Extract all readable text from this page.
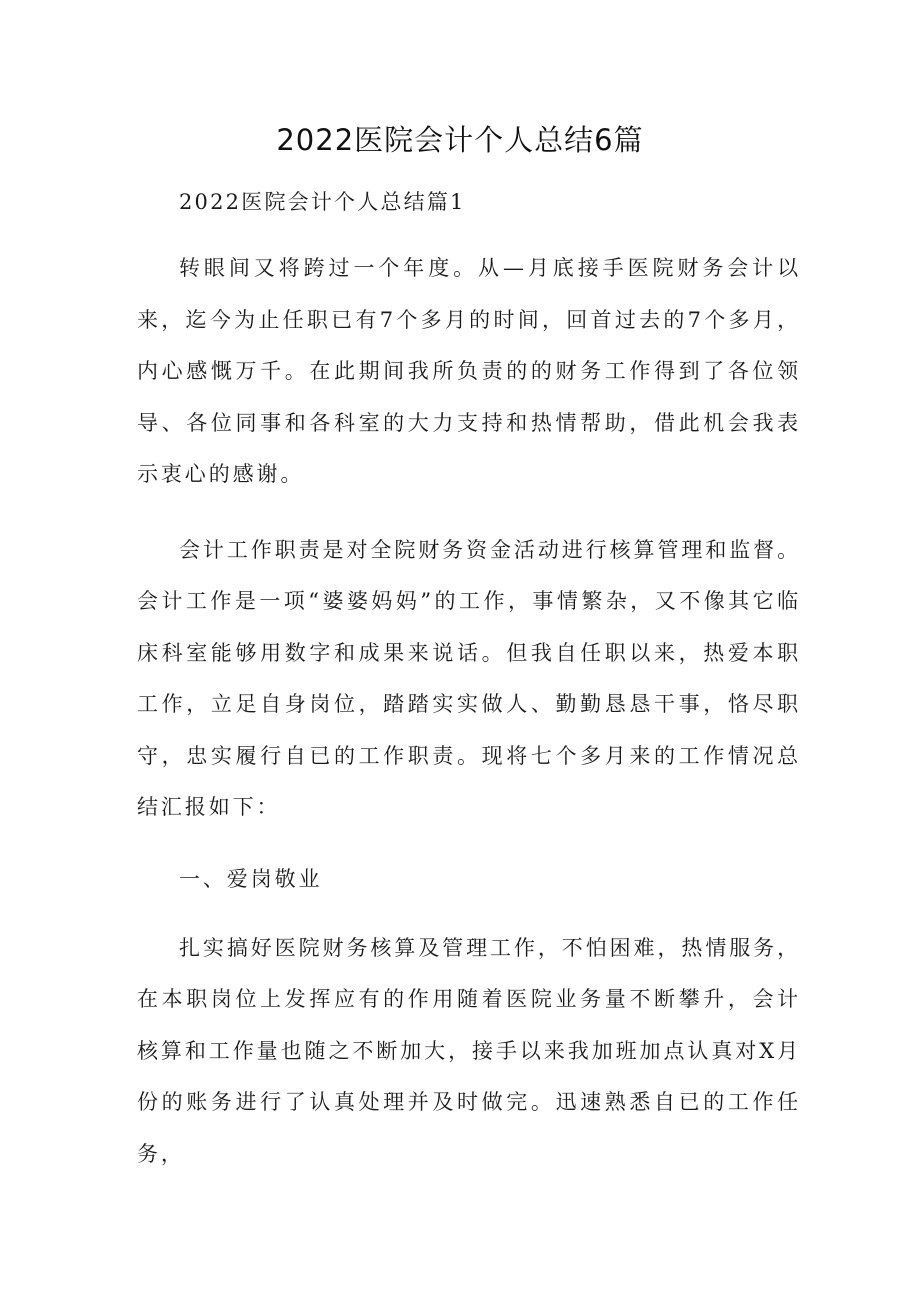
2022医院会计个人总结6篇

2022医院会计个人总结篇1

转眼间又将跨过一个年度。从—月底接手医院财务会计以来，迄今为止任职已有7个多月的时间，回首过去的7个多月，内心感慨万千。在此期间我所负责的的财务工作得到了各位领导、各位同事和各科室的大力支持和热情帮助，借此机会我表示衷心的感谢。

会计工作职责是对全院财务资金活动进行核算管理和监督。会计工作是一项“婆婆妈妈”的工作，事情繁杂，又不像其它临床科室能够用数字和成果来说话。但我自任职以来，热爱本职工作，立足自身岗位，踏踏实实做人、勤勤恳恳干事，恪尽职守，忠实履行自已的工作职责。现将七个多月来的工作情况总结汇报如下：

一、爱岗敬业

扎实搞好医院财务核算及管理工作，不怕困难，热情服务，在本职岗位上发挥应有的作用随着医院业务量不断攀升，会计核算和工作量也随之不断加大，接手以来我加班加点认真对X月份的账务进行了认真处理并及时做完。迅速熟悉自已的工作任务，
